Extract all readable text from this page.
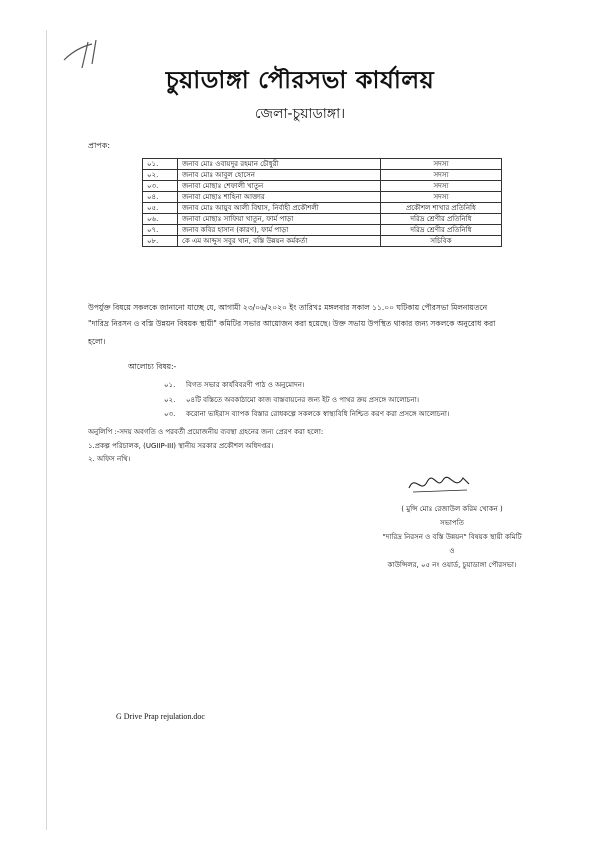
চুয়াডাঙ্গা পৌরসভা কার্যালয়
জেলা-চুয়াডাঙ্গা।
প্রাপক:
০১.	জনাব মোঃ ওবায়দুর রহমান চৌধুরী	সদস্য
০২.	জনাব মোঃ আবুল হোসেন	সদস্য
০৩.	জনাবা মোছাঃ শেফালী খাতুন	সদস্য
০৪.	জনাবা মোছাঃ শাহিনা আক্তার	সদস্য
০৫.	জনাব মোঃ আয়ুব আলী বিশ্বাস, নির্বাহী প্রকৌশলী	প্রকৌশল শাখার প্রতিনিধি
০৬.	জনাবা মোছাঃ সাফিয়া খাতুন, ফার্ম পাড়া	দরিদ্র শ্রেণীর প্রতিনিধি
০৭.	জনাব কবির হাসান (কারণ), ফার্ম পাড়া	দরিদ্র শ্রেণীর প্রতিনিধি
০৮.	কে এম আব্দুস সবুর খান, বস্তি উন্নয়ন কর্মকর্তা	সচিবিক
উপর্যুক্ত বিষয়ে সকলকে জানানো যাচ্ছে যে, আগামী ২৩/০৬/২০২০ ইং তারিখঃ মঙ্গলবার সকাল ১১.০০ ঘটিকায় পৌরসভা মিলনায়তনে
"দারিদ্র নিরসন ও বস্তি উন্নয়ন বিষয়ক স্থায়ী" কমিটির সভার আয়োজন করা হয়েছে। উক্ত সভায় উপস্থিত থাকার জন্য সকলকে অনুরোধ করা
হলো।
আলোচ্য বিষয়:-
০১. বিগত সভার কার্যবিবরণী পাঠ ও অনুমোদন।
০২. ০৪টি বস্তিতে অবকাঠামো কাজ বাস্তবায়নের জন্য ইট ও পাথর ক্রয় প্রসঙ্গে আলোচনা।
০৩. করোনা ভাইরাস ব্যাপক বিস্তার রোধকল্পে সকলকে স্বাস্থ্যবিধি নিশ্চিত করণ করা প্রসঙ্গে আলোচনা।
অনুলিপি :-সদয় অবগতি ও পরবর্তী প্রয়োজনীয় ব্যবস্থা গ্রহনের জন্য প্রেরণ করা হলো:
১.প্রকল্প পরিচালক, (UGIIP-III) স্থানীয় সরকার প্রকৌশল অধিদপ্তর।
২. অফিস নথি।
( মুন্সি মোঃ রেজাউল করিম খোকন )
সভাপতি
"দারিদ্র নিরসন ও বস্তি উন্নয়ন" বিষয়ক স্থায়ী কমিটি
ও
কাউন্সিলর, ০৫ নং ওয়ার্ড, চুয়াডাঙ্গা পৌরসভা।
G Drive Prap rejulation.doc
